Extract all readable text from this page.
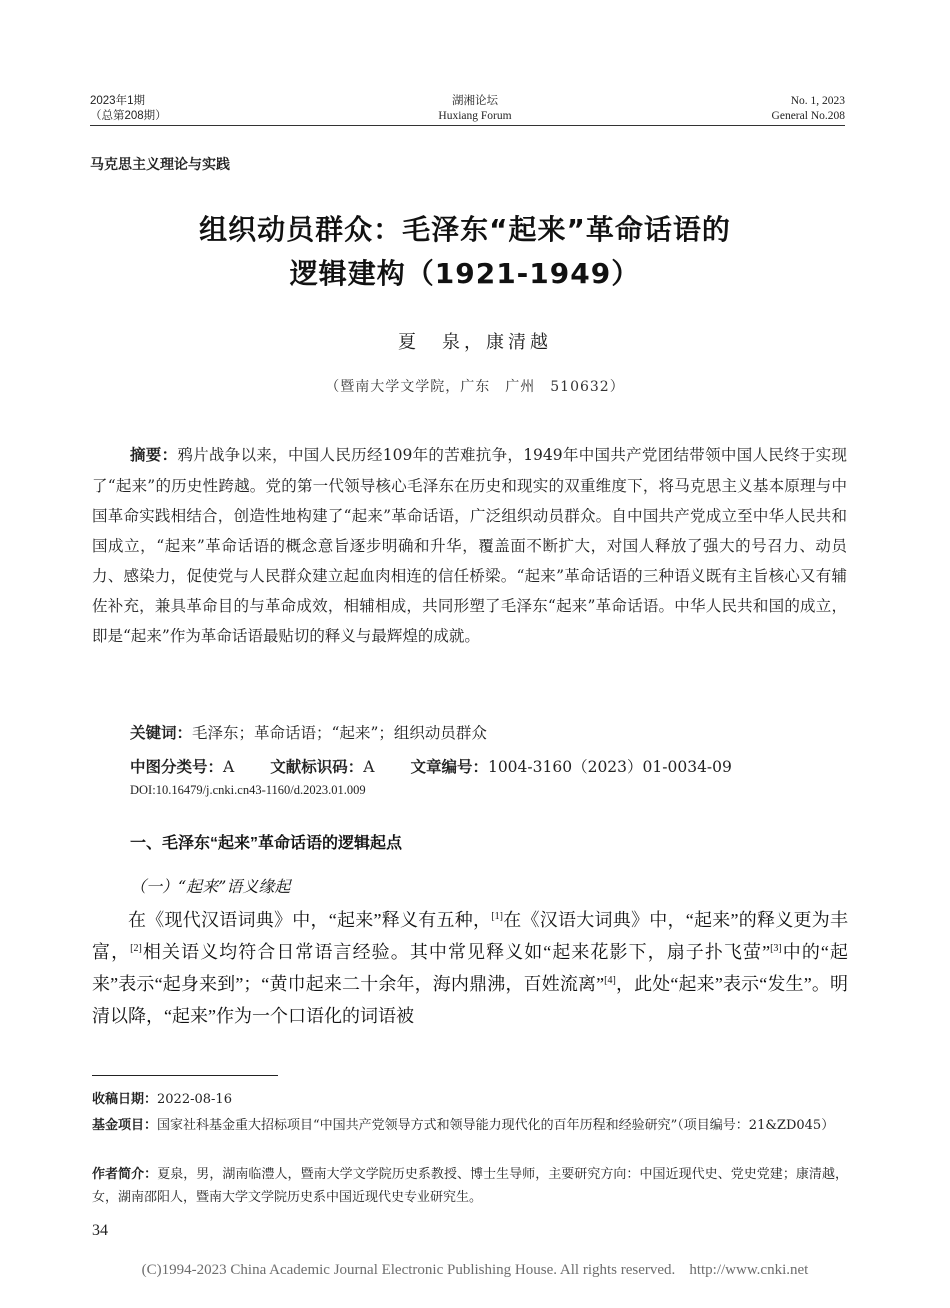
2023年1期
（总第208期）
湖湘论坛
Huxiang Forum
No. 1, 2023
General No.208
马克思主义理论与实践
组织动员群众：毛泽东“起来”革命话语的
逻辑建构（1921-1949）
夏　泉，康清越
（暨南大学文学院，广东　广州　510632）
摘要：鸦片战争以来，中国人民历经109年的苦难抗争，1949年中国共产党团结带领中国人民终于实现了“起来”的历史性跨越。党的第一代领导核心毛泽东在历史和现实的双重维度下，将马克思主义基本原理与中国革命实践相结合，创造性地构建了“起来”革命话语，广泛组织动员群众。自中国共产党成立至中华人民共和国成立，“起来”革命话语的概念意旨逐步明确和升华，覆盖面不断扩大，对国人释放了强大的号召力、动员力、感染力，促使党与人民群众建立起血肉相连的信任桥梁。“起来”革命话语的三种语义既有主旨核心又有辅佐补充，兼具革命目的与革命成效，相辅相成，共同形塑了毛泽东“起来”革命话语。中华人民共和国的成立，即是“起来”作为革命话语最贴切的释义与最辉煌的成就。
关键词：毛泽东；革命话语；“起来”；组织动员群众
中图分类号：A 文献标识码：A 文章编号：1004-3160（2023）01-0034-09
DOI:10.16479/j.cnki.cn43-1160/d.2023.01.009
一、毛泽东“起来”革命话语的逻辑起点
（一）“起来”语义缘起

在《现代汉语词典》中，“起来”释义有五种，[1]在《汉语大词典》中，“起来”的释义更为丰富，[2]相关语义均符合日常语言经验。其中常见释义如“起来花影下，扇子扑飞萤”[3]中的“起来”表示“起身来到”；“黄巾起来二十余年，海内鼎沸，百姓流离”[4]，此处“起来”表示“发生”。明清以降，“起来”作为一个口语化的词语被

收稿日期：2022-08-16
基金项目：国家社科基金重大招标项目“中国共产党领导方式和领导能力现代化的百年历程和经验研究”（项目编号：21&ZD045）
作者简介：夏泉，男，湖南临澧人，暨南大学文学院历史系教授、博士生导师，主要研究方向：中国近现代史、党史党建；康清越，女，湖南邵阳人，暨南大学文学院历史系中国近现代史专业研究生。
34
(C)1994-2023 China Academic Journal Electronic Publishing House. All rights reserved. http://www.cnki.net
